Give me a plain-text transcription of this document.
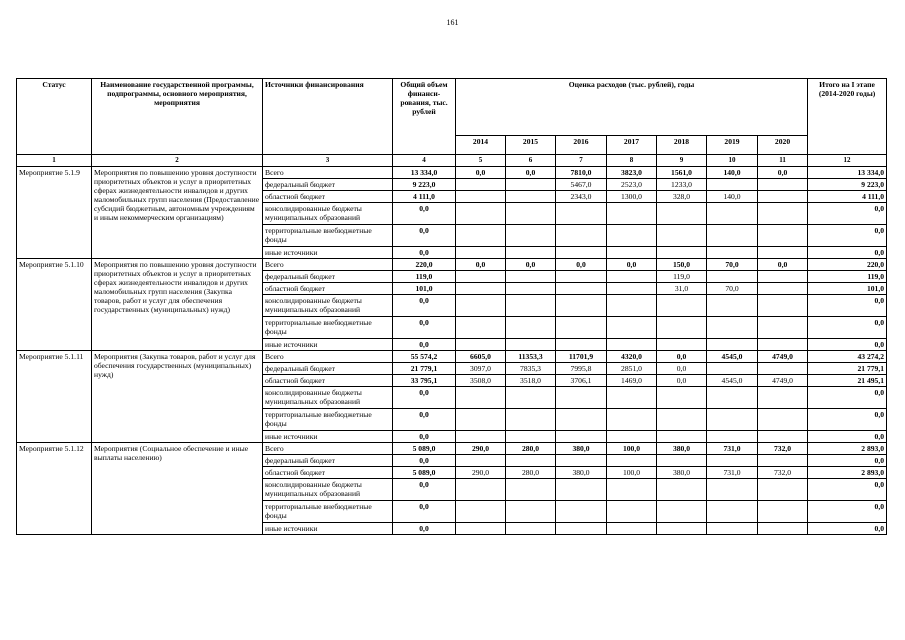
161
Статус	Наименование государственной программы, подпрограммы, основного мероприятия, мероприятия	Источники финансирования	Общий объем финанси-рования, тыс. рублей	Оценка расходов (тыс. рублей), годы							Итого на I этапе (2014-2020 годы)
				2014	2015	2016	2017	2018	2019	2020	
1	2	3	4	5	6	7	8	9	10	11	12
Мероприятие 5.1.9	Мероприятия по повышению уровня доступности приоритетных объектов и услуг в приоритетных сферах жизнедеятельности инвалидов и других маломобильных групп населения (Предоставление субсидий бюджетным, автономным учреждениям и иным некоммерческим организациям)	Всего	13 334,0	0,0	0,0	7810,0	3823,0	1561,0	140,0	0,0	13 334,0
		федеральный бюджет	9 223,0			5467,0	2523,0	1233,0			9 223,0
		областной бюджет	4 111,0			2343,0	1300,0	328,0	140,0		4 111,0
		консолидированные бюджеты муниципальных образований	0,0								0,0
		территориальные внебюджетные фонды	0,0								0,0
		иные источники	0,0								0,0
Мероприятие 5.1.10	Мероприятия по повышению уровня доступности приоритетных объектов и услуг в приоритетных сферах жизнедеятельности инвалидов и других маломобильных групп населения (Закупка товаров, работ и услуг для обеспечения государственных (муниципальных) нужд)	Всего	220,0	0,0	0,0	0,0	0,0	150,0	70,0	0,0	220,0
		федеральный бюджет	119,0					119,0			119,0
		областной бюджет	101,0					31,0	70,0		101,0
		консолидированные бюджеты муниципальных образований	0,0								0,0
		территориальные внебюджетные фонды	0,0								0,0
		иные источники	0,0								0,0
Мероприятие 5.1.11	Мероприятия (Закупка товаров, работ и услуг для обеспечения государственных (муниципальных) нужд)	Всего	55 574,2	6605,0	11353,3	11701,9	4320,0	0,0	4545,0	4749,0	43 274,2
		федеральный бюджет	21 779,1	3097,0	7835,3	7995,8	2851,0	0,0			21 779,1
		областной бюджет	33 795,1	3508,0	3518,0	3706,1	1469,0	0,0	4545,0	4749,0	21 495,1
		консолидированные бюджеты муниципальных образований	0,0								0,0
		территориальные внебюджетные фонды	0,0								0,0
		иные источники	0,0								0,0
Мероприятие 5.1.12	Мероприятия (Социальное обеспечение и иные выплаты населению)	Всего	5 089,0	290,0	280,0	380,0	100,0	380,0	731,0	732,0	2 893,0
		федеральный бюджет	0,0								0,0
		областной бюджет	5 089,0	290,0	280,0	380,0	100,0	380,0	731,0	732,0	2 893,0
		консолидированные бюджеты муниципальных образований	0,0								0,0
		территориальные внебюджетные фонды	0,0								0,0
		иные источники	0,0								0,0
